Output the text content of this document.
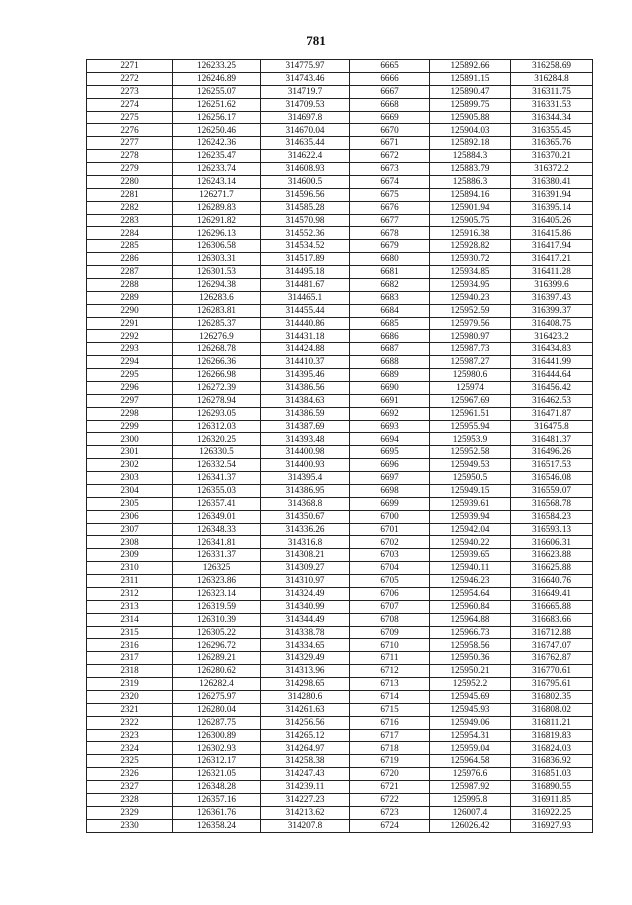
781
2271	126233.25	314775.97	6665	125892.66	316258.69
2272	126246.89	314743.46	6666	125891.15	316284.8
2273	126255.07	314719.7	6667	125890.47	316311.75
2274	126251.62	314709.53	6668	125899.75	316331.53
2275	126256.17	314697.8	6669	125905.88	316344.34
2276	126250.46	314670.04	6670	125904.03	316355.45
2277	126242.36	314635.44	6671	125892.18	316365.76
2278	126235.47	314622.4	6672	125884.3	316370.21
2279	126233.74	314608.93	6673	125883.79	316372.2
2280	126243.14	314600.5	6674	125886.3	316380.41
2281	126271.7	314596.56	6675	125894.16	316391.94
2282	126289.83	314585.28	6676	125901.94	316395.14
2283	126291.82	314570.98	6677	125905.75	316405.26
2284	126296.13	314552.36	6678	125916.38	316415.86
2285	126306.58	314534.52	6679	125928.82	316417.94
2286	126303.31	314517.89	6680	125930.72	316417.21
2287	126301.53	314495.18	6681	125934.85	316411.28
2288	126294.38	314481.67	6682	125934.95	316399.6
2289	126283.6	314465.1	6683	125940.23	316397.43
2290	126283.81	314455.44	6684	125952.59	316399.37
2291	126285.37	314440.86	6685	125979.56	316408.75
2292	126276.9	314431.18	6686	125980.97	316423.2
2293	126268.78	314424.88	6687	125987.73	316434.83
2294	126266.36	314410.37	6688	125987.27	316441.99
2295	126266.98	314395.46	6689	125980.6	316444.64
2296	126272.39	314386.56	6690	125974	316456.42
2297	126278.94	314384.63	6691	125967.69	316462.53
2298	126293.05	314386.59	6692	125961.51	316471.87
2299	126312.03	314387.69	6693	125955.94	316475.8
2300	126320.25	314393.48	6694	125953.9	316481.37
2301	126330.5	314400.98	6695	125952.58	316496.26
2302	126332.54	314400.93	6696	125949.53	316517.53
2303	126341.37	314395.4	6697	125950.5	316546.08
2304	126355.03	314386.95	6698	125949.15	316559.07
2305	126357.41	314368.8	6699	125939.61	316568.78
2306	126349.01	314350.67	6700	125939.94	316584.23
2307	126348.33	314336.26	6701	125942.04	316593.13
2308	126341.81	314316.8	6702	125940.22	316606.31
2309	126331.37	314308.21	6703	125939.65	316623.88
2310	126325	314309.27	6704	125940.11	316625.88
2311	126323.86	314310.97	6705	125946.23	316640.76
2312	126323.14	314324.49	6706	125954.64	316649.41
2313	126319.59	314340.99	6707	125960.84	316665.88
2314	126310.39	314344.49	6708	125964.88	316683.66
2315	126305.22	314338.78	6709	125966.73	316712.88
2316	126296.72	314334.65	6710	125958.56	316747.07
2317	126289.21	314329.49	6711	125950.36	316762.87
2318	126280.62	314313.96	6712	125950.21	316770.61
2319	126282.4	314298.65	6713	125952.2	316795.61
2320	126275.97	314280.6	6714	125945.69	316802.35
2321	126280.04	314261.63	6715	125945.93	316808.02
2322	126287.75	314256.56	6716	125949.06	316811.21
2323	126300.89	314265.12	6717	125954.31	316819.83
2324	126302.93	314264.97	6718	125959.04	316824.03
2325	126312.17	314258.38	6719	125964.58	316836.92
2326	126321.05	314247.43	6720	125976.6	316851.03
2327	126348.28	314239.11	6721	125987.92	316890.55
2328	126357.16	314227.23	6722	125995.8	316911.85
2329	126361.76	314213.62	6723	126007.4	316922.25
2330	126358.24	314207.8	6724	126026.42	316927.93
